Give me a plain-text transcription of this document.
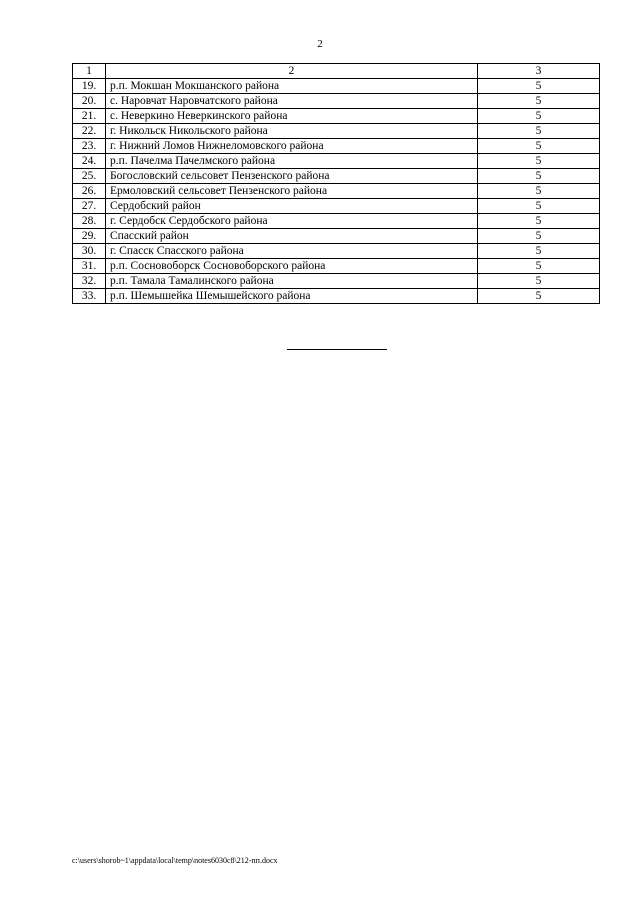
2
1	2	3
19.	р.п. Мокшан Мокшанского района	5
20.	с. Наровчат Наровчатского района	5
21.	с. Неверкино Неверкинского района	5
22.	г. Никольск Никольского района	5
23.	г. Нижний Ломов Нижнеломовского района	5
24.	р.п. Пачелма Пачелмского района	5
25.	Богословский сельсовет Пензенского района	5
26.	Ермоловский сельсовет Пензенского района	5
27.	Сердобский район	5
28.	г. Сердобск Сердобского района	5
29.	Спасский район	5
30.	г. Спасск Спасского района	5
31.	р.п. Сосновоборск Сосновоборского района	5
32.	р.п. Тамала Тамалинского района	5
33.	р.п. Шемышейка Шемышейского района	5
c:\users\shorob~1\appdata\local\temp\notes6030c8\212-пп.docx
